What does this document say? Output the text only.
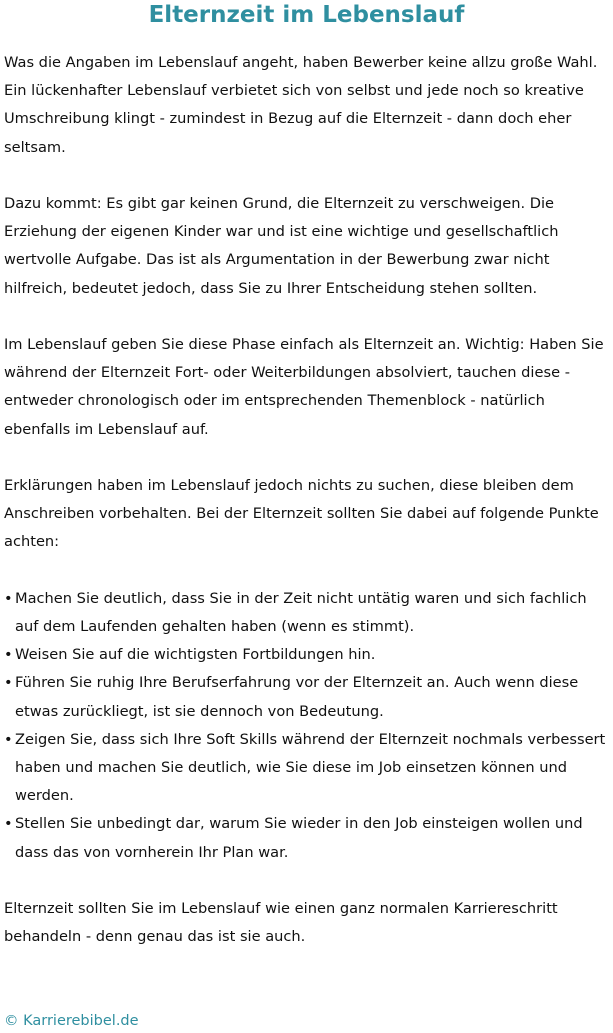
Elternzeit im Lebenslauf

Was die Angaben im Lebenslauf angeht, haben Bewerber keine allzu große Wahl. Ein lückenhafter Lebenslauf verbietet sich von selbst und jede noch so kreative Umschreibung klingt - zumindest in Bezug auf die Elternzeit - dann doch eher seltsam.

Dazu kommt: Es gibt gar keinen Grund, die Elternzeit zu verschweigen. Die Erziehung der eigenen Kinder war und ist eine wichtige und gesellschaftlich wertvolle Aufgabe. Das ist als Argumentation in der Bewerbung zwar nicht hilfreich, bedeutet jedoch, dass Sie zu Ihrer Entscheidung stehen sollten.

Im Lebenslauf geben Sie diese Phase einfach als Elternzeit an. Wichtig: Haben Sie während der Elternzeit Fort- oder Weiterbildungen absolviert, tauchen diese - entweder chronologisch oder im entsprechenden Themenblock - natürlich ebenfalls im Lebenslauf auf.

Erklärungen haben im Lebenslauf jedoch nichts zu suchen, diese bleiben dem Anschreiben vorbehalten. Bei der Elternzeit sollten Sie dabei auf folgende Punkte achten:

• Machen Sie deutlich, dass Sie in der Zeit nicht untätig waren und sich fachlich auf dem Laufenden gehalten haben (wenn es stimmt).
• Weisen Sie auf die wichtigsten Fortbildungen hin.
• Führen Sie ruhig Ihre Berufserfahrung vor der Elternzeit an. Auch wenn diese etwas zurückliegt, ist sie dennoch von Bedeutung.
• Zeigen Sie, dass sich Ihre Soft Skills während der Elternzeit nochmals verbessert haben und machen Sie deutlich, wie Sie diese im Job einsetzen können und werden.
• Stellen Sie unbedingt dar, warum Sie wieder in den Job einsteigen wollen und dass das von vornherein Ihr Plan war.

Elternzeit sollten Sie im Lebenslauf wie einen ganz normalen Karriereschritt behandeln - denn genau das ist sie auch.

© Karrierebibel.de
